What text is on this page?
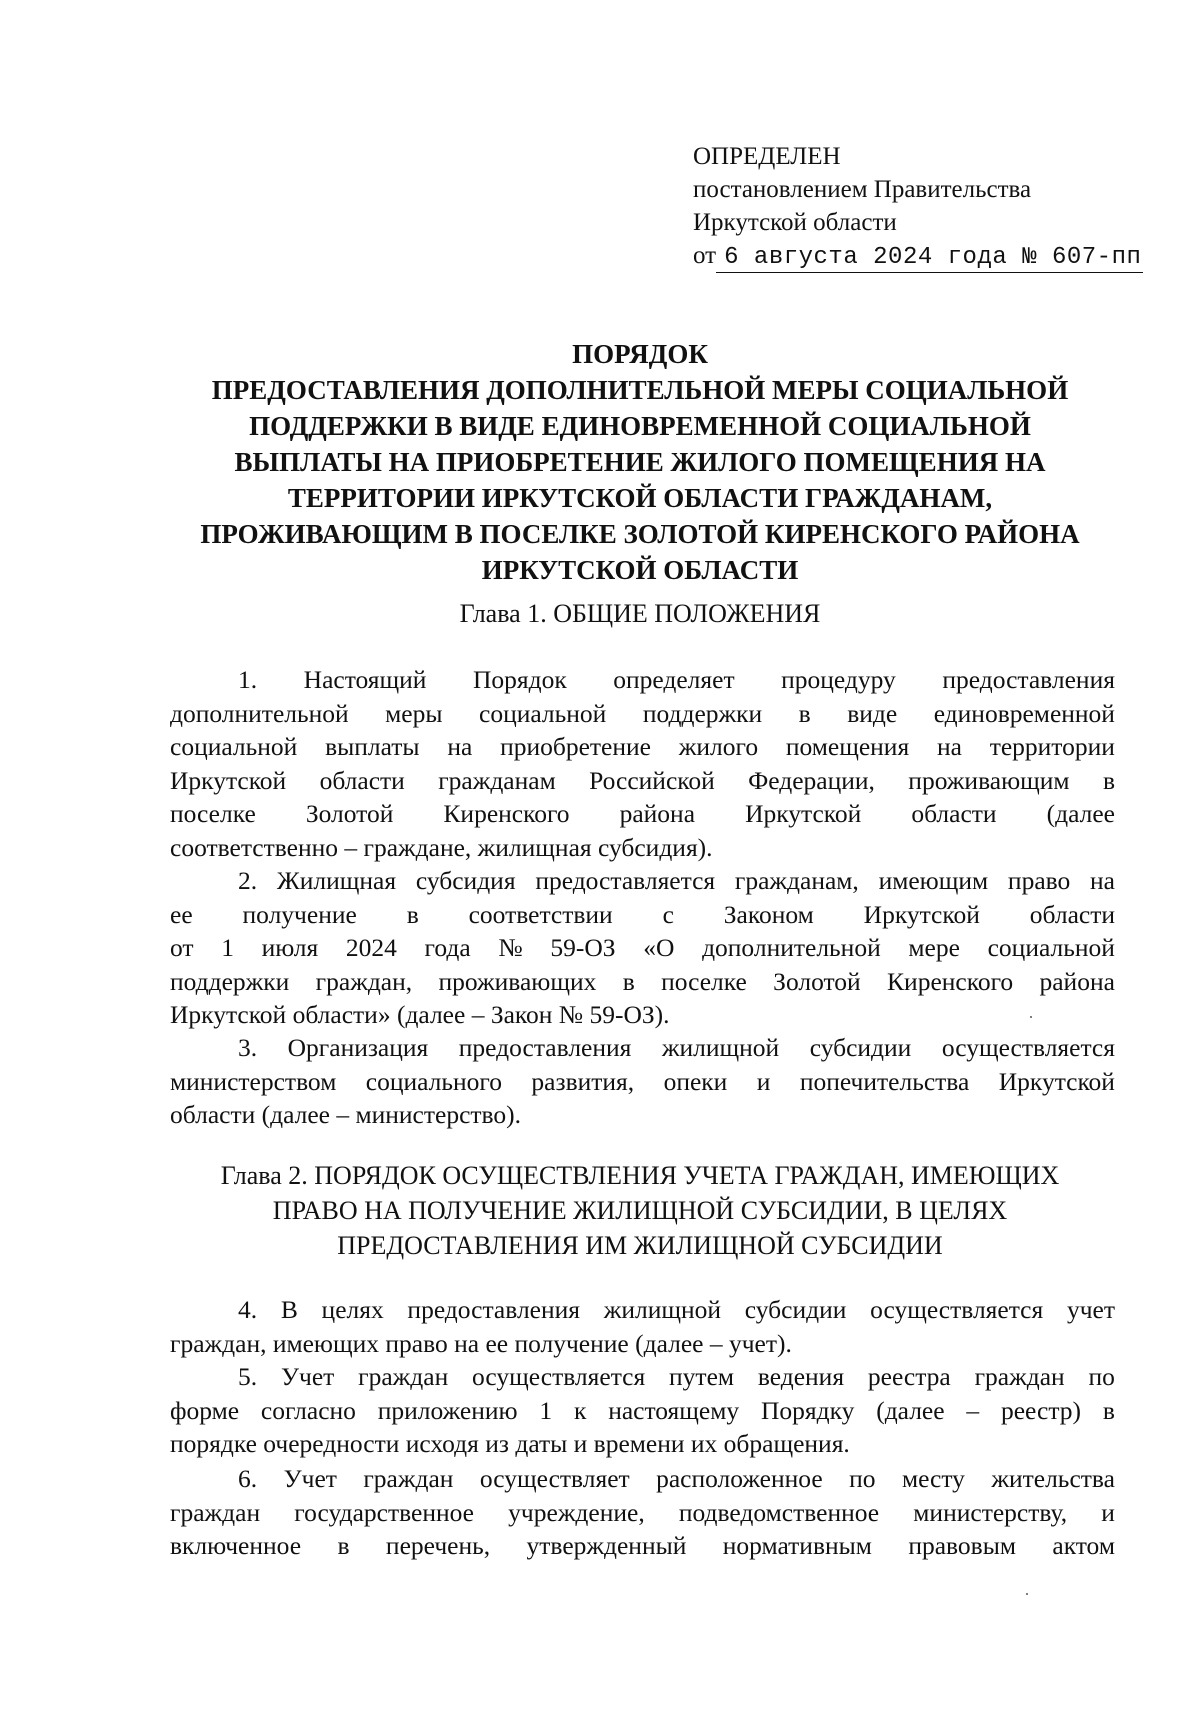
ОПРЕДЕЛЕН
постановлением Правительства
Иркутской области
от 6 августа 2024 года № 607-пп
ПОРЯДОК
ПРЕДОСТАВЛЕНИЯ ДОПОЛНИТЕЛЬНОЙ МЕРЫ СОЦИАЛЬНОЙ
ПОДДЕРЖКИ В ВИДЕ ЕДИНОВРЕМЕННОЙ СОЦИАЛЬНОЙ
ВЫПЛАТЫ НА ПРИОБРЕТЕНИЕ ЖИЛОГО ПОМЕЩЕНИЯ НА
ТЕРРИТОРИИ ИРКУТСКОЙ ОБЛАСТИ ГРАЖДАНАМ,
ПРОЖИВАЮЩИМ В ПОСЕЛКЕ ЗОЛОТОЙ КИРЕНСКОГО РАЙОНА
ИРКУТСКОЙ ОБЛАСТИ
Глава 1. ОБЩИЕ ПОЛОЖЕНИЯ
1. Настоящий Порядок определяет процедуру предоставления
дополнительной меры социальной поддержки в виде единовременной
социальной выплаты на приобретение жилого помещения на территории
Иркутской области гражданам Российской Федерации, проживающим в
поселке Золотой Киренского района Иркутской области (далее
соответственно – граждане, жилищная субсидия).
2. Жилищная субсидия предоставляется гражданам, имеющим право на
ее получение в соответствии с Законом Иркутской области
от 1 июля 2024 года № 59-ОЗ «О дополнительной мере социальной
поддержки граждан, проживающих в поселке Золотой Киренского района
Иркутской области» (далее – Закон № 59-ОЗ).
3. Организация предоставления жилищной субсидии осуществляется
министерством социального развития, опеки и попечительства Иркутской
области (далее – министерство).
Глава 2. ПОРЯДОК ОСУЩЕСТВЛЕНИЯ УЧЕТА ГРАЖДАН, ИМЕЮЩИХ
ПРАВО НА ПОЛУЧЕНИЕ ЖИЛИЩНОЙ СУБСИДИИ, В ЦЕЛЯХ
ПРЕДОСТАВЛЕНИЯ ИМ ЖИЛИЩНОЙ СУБСИДИИ
4. В целях предоставления жилищной субсидии осуществляется учет
граждан, имеющих право на ее получение (далее – учет).
5. Учет граждан осуществляется путем ведения реестра граждан по
форме согласно приложению 1 к настоящему Порядку (далее – реестр) в
порядке очередности исходя из даты и времени их обращения.
6. Учет граждан осуществляет расположенное по месту жительства
граждан государственное учреждение, подведомственное министерству, и
включенное в перечень, утвержденный нормативным правовым актом
